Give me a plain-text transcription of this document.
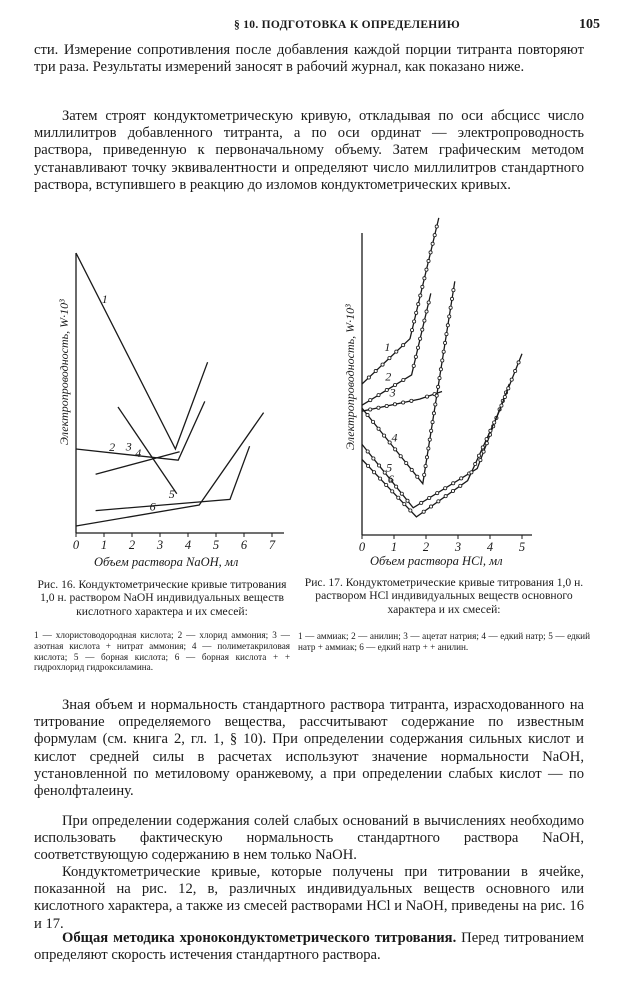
§ 10. ПОДГОТОВКА К ОПРЕДЕЛЕНИЮ	105

сти. Измерение сопротивления после добавления каждой порции титранта повторяют три раза. Результаты измерений заносят в рабочий журнал, как показано ниже.

Затем строят кондуктометрическую кривую, откладывая по оси абсцисс число миллилитров добавленного титранта, а по оси ординат — электропроводность раствора, приведенную к первоначальному объему. Затем графическим методом устанавливают точку эквивалентности и определяют число миллилитров стандартного раствора, вступившего в реакцию до изломов кондуктометрических кривых.

1
2 3 4
5
6
0 1 2 3 4 5 6 7
Электропроводность, W·10³
Объем раствора NaOH, мл
1
2
3
4
5
6
0 1 2 3 4 5
Электропроводность, W·10³
Объем раствора HCl, мл
Рис. 16. Кондуктометрические кривые титрования 1,0 н. раствором NaOH индивидуальных веществ кислотного характера и их смесей:
1 — хлористоводородная кислота; 2 — хлорид аммония; 3 — азотная кислота + нитрат аммония; 4 — полиметакриловая кислота; 5 — борная кислота; 6 — борная кислота + + гидрохлорид гидроксиламина.
Рис. 17. Кондуктометрические кривые титрования 1,0 н. раствором HCl индивидуальных веществ основного характера и их смесей:
1 — аммиак; 2 — анилин; 3 — ацетат натрия; 4 — едкий натр; 5 — едкий натр + аммиак; 6 — едкий натр + + анилин.

Зная объем и нормальность стандартного раствора титранта, израсходованного на титрование определяемого вещества, рассчитывают содержание по известным формулам (см. книга 2, гл. 1, § 10). При определении содержания сильных кислот и кислот средней силы в расчетах используют значение нормальности NaOH, установленной по метиловому оранжевому, а при определении слабых кислот — по фенолфталеину.

При определении содержания солей слабых оснований в вычислениях необходимо использовать фактическую нормальность стандартного раствора NaOH, соответствующую содержанию в нем только NaOH.

Кондуктометрические кривые, которые получены при титровании в ячейке, показанной на рис. 12, в, различных индивидуальных веществ основного или кислотного характера, а также из смесей растворами HCl и NaOH, приведены на рис. 16 и 17.

Общая методика хронокондуктометрического титрования. Перед титрованием определяют скорость истечения стандартного раствора.
